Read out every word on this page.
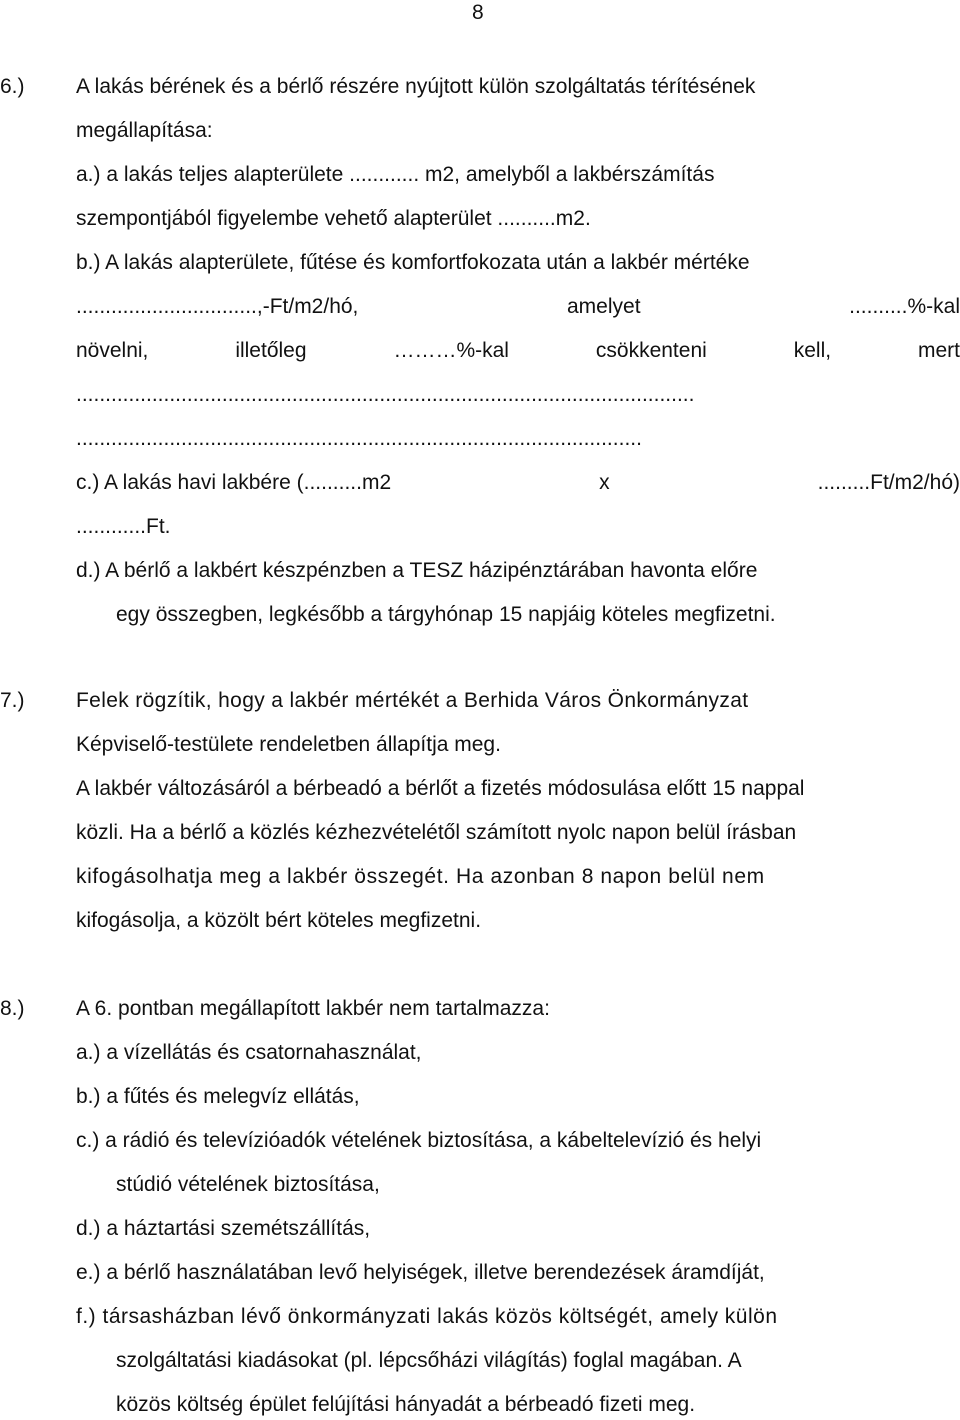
8
6.) A lakás bérének és a bérlő részére nyújtott külön szolgáltatás térítésének
megállapítása:
a.) a lakás teljes alapterülete ............ m2, amelyből a lakbérszámítás
szempontjából figyelembe vehető alapterület ..........m2.
b.) A lakás alapterülete, fűtése és komfortfokozata után a lakbér mértéke
...............................,-Ft/m2/hó,	amelyet	..........%-kal
növelni,	illetőleg	………%-kal	csökkenteni	kell,	mert
..........................................................................................................
.................................................................................................
c.) A lakás havi lakbére (..........m2	x	.........Ft/m2/hó)
............Ft.
d.) A bérlő a lakbért készpénzben a TESZ házipénztárában havonta előre
egy összegben, legkésőbb a tárgyhónap 15 napjáig köteles megfizetni.
7.) Felek rögzítik, hogy a lakbér mértékét a Berhida Város Önkormányzat
Képviselő-testülete rendeletben állapítja meg.
A lakbér változásáról a bérbeadó a bérlőt a fizetés módosulása előtt 15 nappal
közli. Ha a bérlő a közlés kézhezvételétől számított nyolc napon belül írásban
kifogásolhatja meg a lakbér összegét. Ha azonban 8 napon belül nem
kifogásolja, a közölt bért köteles megfizetni.
8.) A 6. pontban megállapított lakbér nem tartalmazza:
a.) a vízellátás és csatornahasználat,
b.) a fűtés és melegvíz ellátás,
c.) a rádió és televízióadók vételének biztosítása, a kábeltelevízió és helyi
stúdió vételének biztosítása,
d.) a háztartási szemétszállítás,
e.) a bérlő használatában levő helyiségek, illetve berendezések áramdíját,
f.) társasházban lévő önkormányzati lakás közös költségét, amely külön
szolgáltatási kiadásokat (pl. lépcsőházi világítás) foglal magában. A
közös költség épület felújítási hányadát a bérbeadó fizeti meg.
